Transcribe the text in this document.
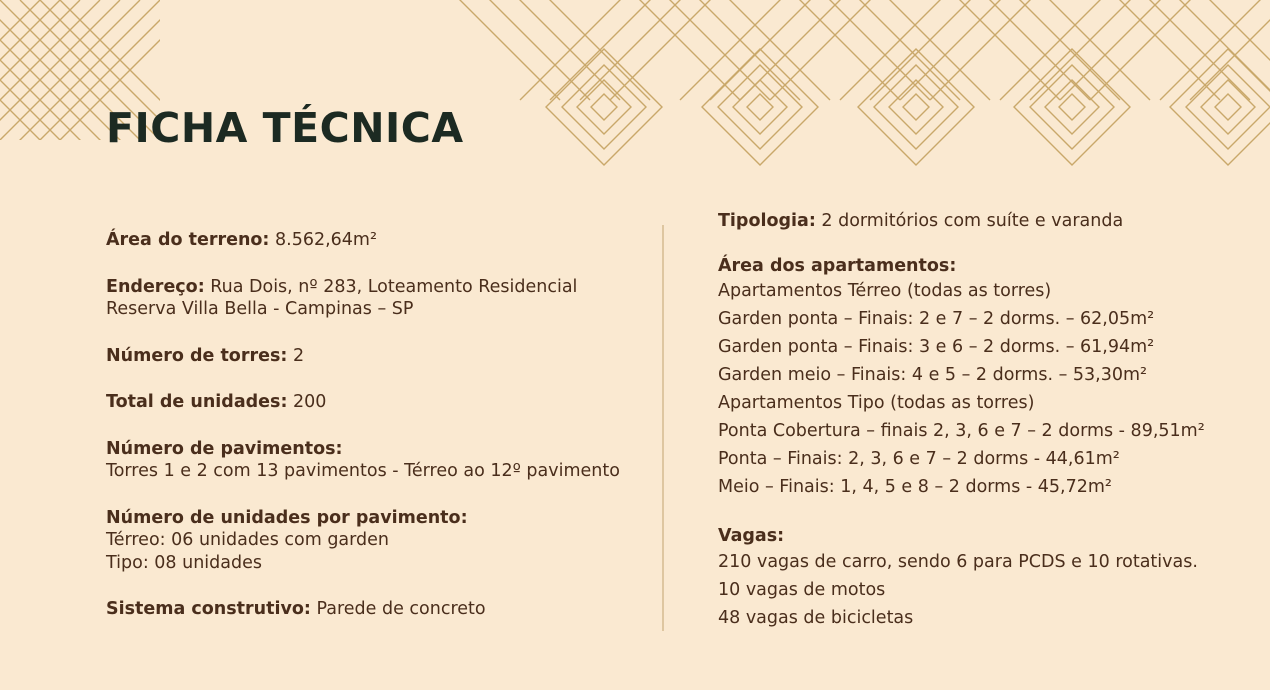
FICHA TÉCNICA

Área do terreno: 8.562,64m²

Endereço: Rua Dois, nº 283, Loteamento Residencial
Reserva Villa Bella - Campinas – SP

Número de torres: 2

Total de unidades: 200

Número de pavimentos:
Torres 1 e 2 com 13 pavimentos - Térreo ao 12º pavimento

Número de unidades por pavimento:
Térreo: 06 unidades com garden
Tipo: 08 unidades

Sistema construtivo: Parede de concreto

Tipologia: 2 dormitórios com suíte e varanda

Área dos apartamentos:
Apartamentos Térreo (todas as torres)
Garden ponta – Finais: 2 e 7 – 2 dorms. – 62,05m²
Garden ponta – Finais: 3 e 6 – 2 dorms. – 61,94m²
Garden meio – Finais: 4 e 5 – 2 dorms. – 53,30m²
Apartamentos Tipo (todas as torres)
Ponta Cobertura – finais 2, 3, 6 e 7 – 2 dorms - 89,51m²
Ponta – Finais: 2, 3, 6 e 7 – 2 dorms - 44,61m²
Meio – Finais: 1, 4, 5 e 8 – 2 dorms - 45,72m²

Vagas:
210 vagas de carro, sendo 6 para PCDS e 10 rotativas.
10 vagas de motos
48 vagas de bicicletas
